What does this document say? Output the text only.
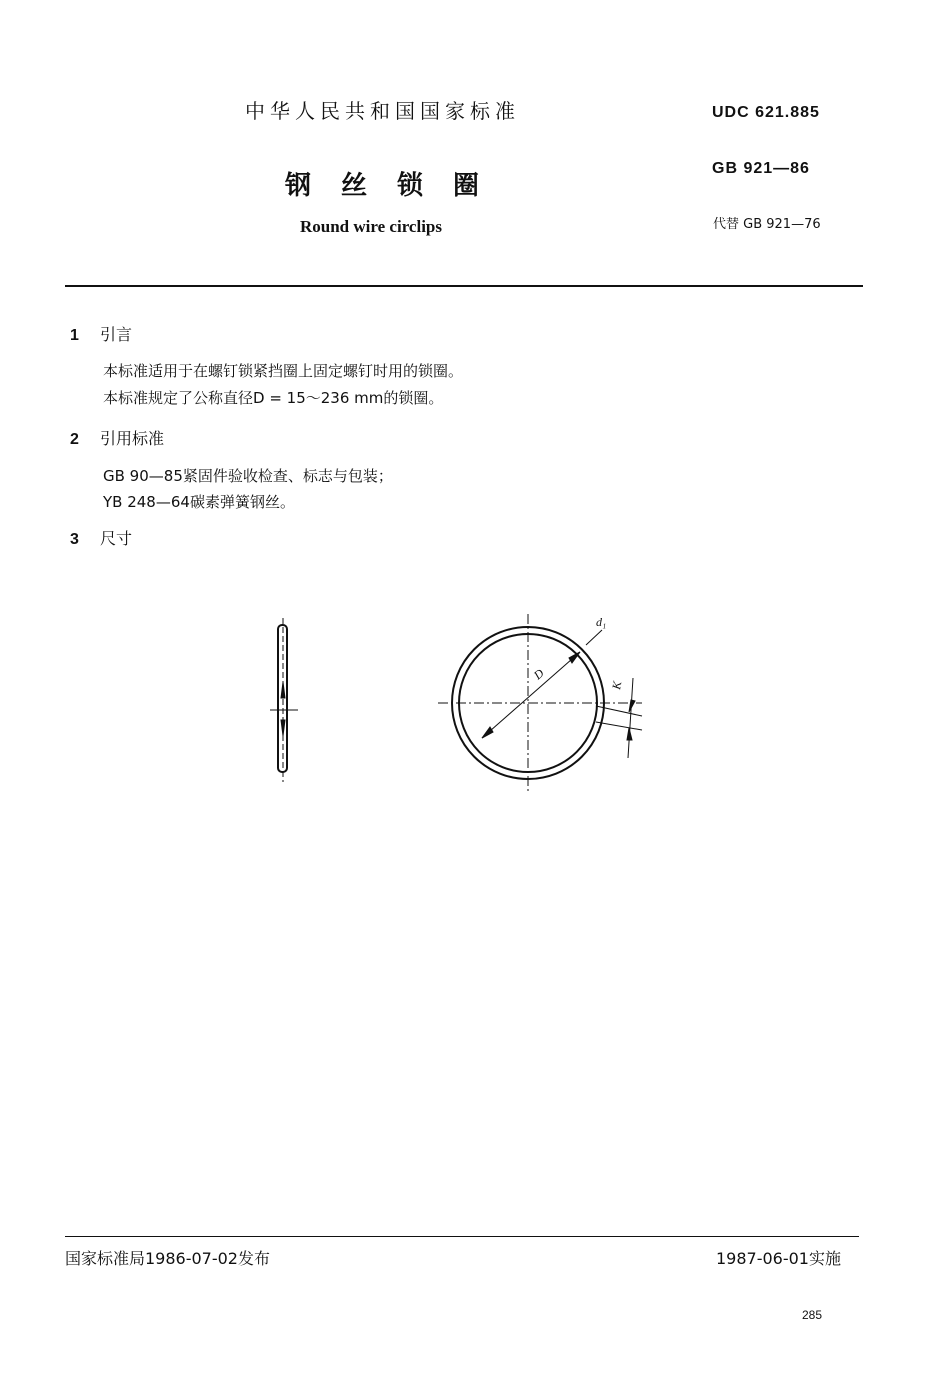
中华人民共和国国家标准
钢丝锁圈
Round wire circlips
UDC 621.885
GB 921—86
代替 GB 921—76
1 引言
本标准适用于在螺钉锁紧挡圈上固定螺钉时用的锁圈。
本标准规定了公称直径D = 15～236 mm的锁圈。
2 引用标准
GB 90—85紧固件验收检查、标志与包装；
YB 248—64碳素弹簧钢丝。
3 尺寸
D
d₁
K
国家标准局1986-07-02发布	1987-06-01实施
285
